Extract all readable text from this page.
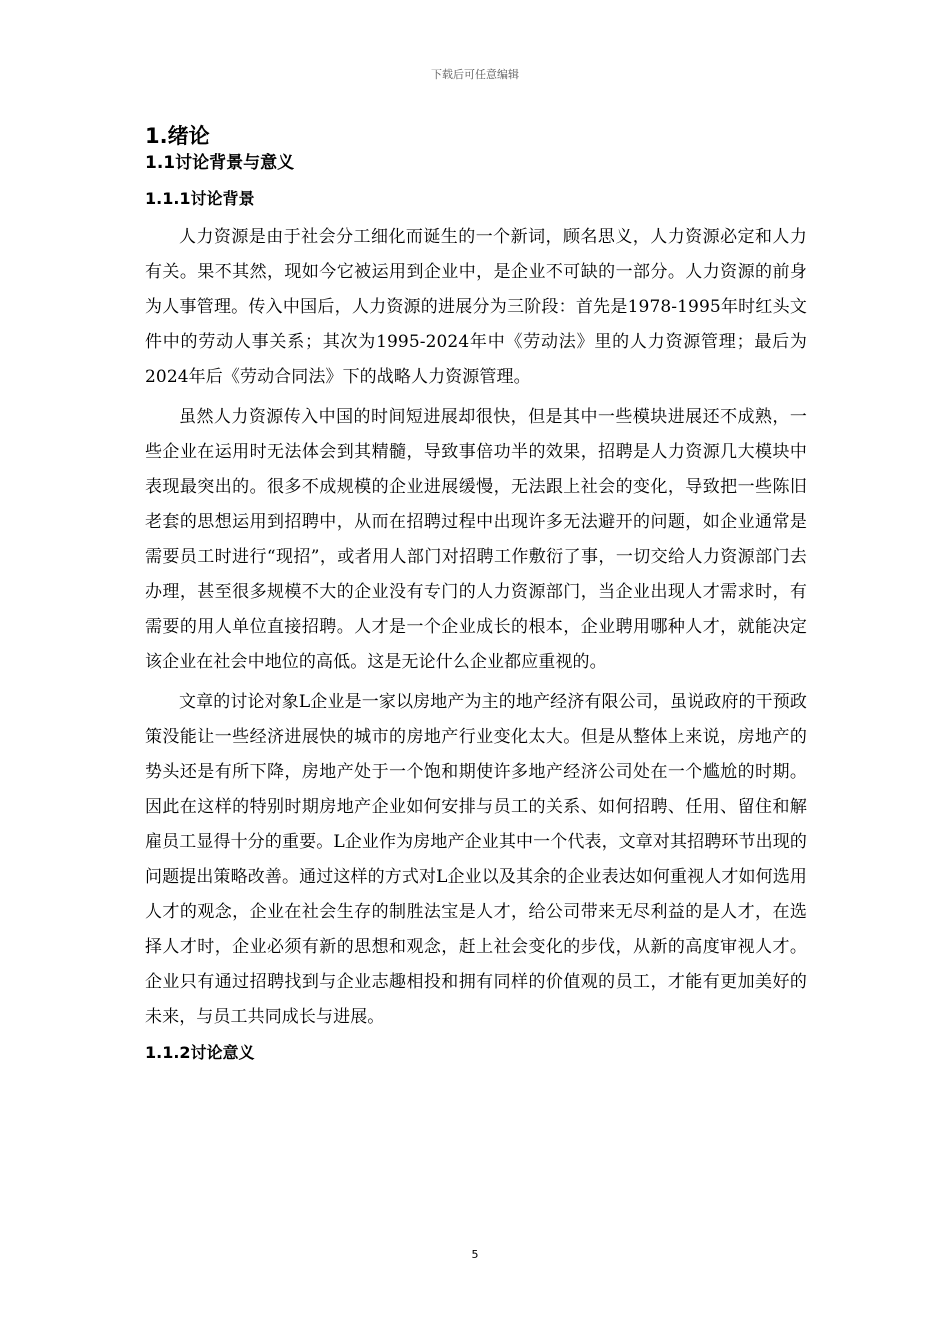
下载后可任意编辑
1.绪论
1.1讨论背景与意义
1.1.1讨论背景

人力资源是由于社会分工细化而诞生的一个新词，顾名思义，人力资源必定和人力有关。果不其然，现如今它被运用到企业中，是企业不可缺的一部分。人力资源的前身为人事管理。传入中国后，人力资源的进展分为三阶段：首先是1978-1995年时红头文件中的劳动人事关系；其次为1995-2024年中《劳动法》里的人力资源管理；最后为2024年后《劳动合同法》下的战略人力资源管理。

虽然人力资源传入中国的时间短进展却很快，但是其中一些模块进展还不成熟，一些企业在运用时无法体会到其精髓，导致事倍功半的效果，招聘是人力资源几大模块中表现最突出的。很多不成规模的企业进展缓慢，无法跟上社会的变化，导致把一些陈旧老套的思想运用到招聘中，从而在招聘过程中出现许多无法避开的问题，如企业通常是需要员工时进行“现招”，或者用人部门对招聘工作敷衍了事，一切交给人力资源部门去办理，甚至很多规模不大的企业没有专门的人力资源部门，当企业出现人才需求时，有需要的用人单位直接招聘。人才是一个企业成长的根本，企业聘用哪种人才，就能决定该企业在社会中地位的高低。这是无论什么企业都应重视的。

文章的讨论对象L企业是一家以房地产为主的地产经济有限公司，虽说政府的干预政策没能让一些经济进展快的城市的房地产行业变化太大。但是从整体上来说，房地产的势头还是有所下降，房地产处于一个饱和期使许多地产经济公司处在一个尴尬的时期。因此在这样的特别时期房地产企业如何安排与员工的关系、如何招聘、任用、留住和解雇员工显得十分的重要。L企业作为房地产企业其中一个代表，文章对其招聘环节出现的问题提出策略改善。通过这样的方式对L企业以及其余的企业表达如何重视人才如何选用人才的观念，企业在社会生存的制胜法宝是人才，给公司带来无尽利益的是人才，在选择人才时，企业必须有新的思想和观念，赶上社会变化的步伐，从新的高度审视人才。企业只有通过招聘找到与企业志趣相投和拥有同样的价值观的员工，才能有更加美好的未来，与员工共同成长与进展。

1.1.2讨论意义
5
